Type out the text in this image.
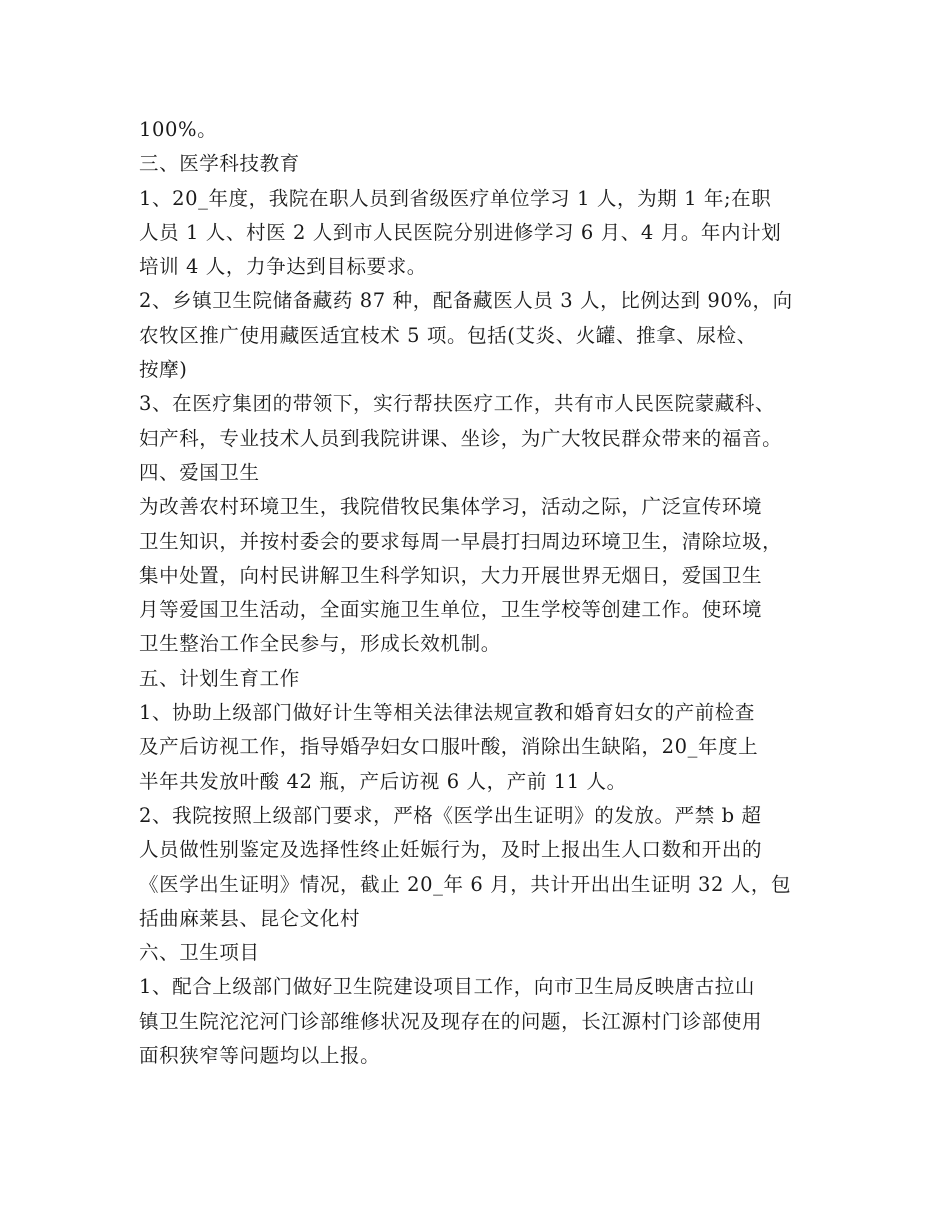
100%。
三、医学科技教育
1、20_年度，我院在职人员到省级医疗单位学习 1 人，为期 1 年;在职
人员 1 人、村医 2 人到市人民医院分别进修学习 6 月、4 月。年内计划
培训 4 人，力争达到目标要求。
2、乡镇卫生院储备藏药 87 种，配备藏医人员 3 人，比例达到 90%，向
农牧区推广使用藏医适宜枝术 5 项。包括(艾炎、火罐、推拿、尿检、
按摩)
3、在医疗集团的带领下，实行帮扶医疗工作，共有市人民医院蒙藏科、
妇产科，专业技术人员到我院讲课、坐诊，为广大牧民群众带来的福音。
四、爱国卫生
为改善农村环境卫生，我院借牧民集体学习，活动之际，广泛宣传环境
卫生知识，并按村委会的要求每周一早晨打扫周边环境卫生，清除垃圾，
集中处置，向村民讲解卫生科学知识，大力开展世界无烟日，爱国卫生
月等爱国卫生活动，全面实施卫生单位，卫生学校等创建工作。使环境
卫生整治工作全民参与，形成长效机制。
五、计划生育工作
1、协助上级部门做好计生等相关法律法规宣教和婚育妇女的产前检查
及产后访视工作，指导婚孕妇女口服叶酸，消除出生缺陷，20_年度上
半年共发放叶酸 42 瓶，产后访视 6 人，产前 11 人。
2、我院按照上级部门要求，严格《医学出生证明》的发放。严禁 b 超
人员做性别鉴定及选择性终止妊娠行为，及时上报出生人口数和开出的
《医学出生证明》情况，截止 20_年 6 月，共计开出出生证明 32 人，包
括曲麻莱县、昆仑文化村
六、卫生项目
1、配合上级部门做好卫生院建设项目工作，向市卫生局反映唐古拉山
镇卫生院沱沱河门诊部维修状况及现存在的问题，长江源村门诊部使用
面积狭窄等问题均以上报。
